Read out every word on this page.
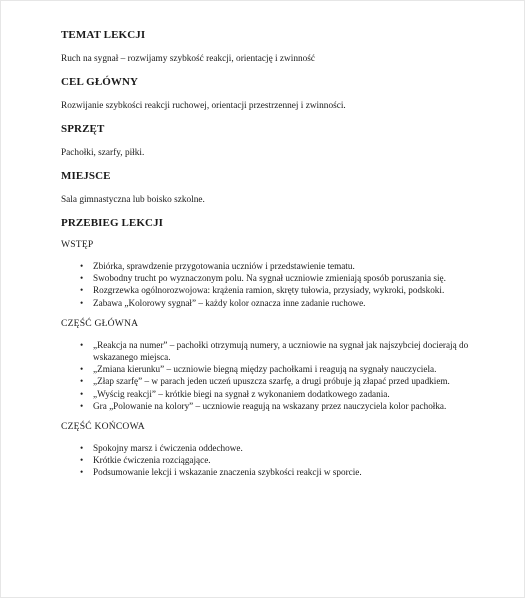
TEMAT LEKCJI

Ruch na sygnał – rozwijamy szybkość reakcji, orientację i zwinność

CEL GŁÓWNY

Rozwijanie szybkości reakcji ruchowej, orientacji przestrzennej i zwinności.

SPRZĘT

Pachołki, szarfy, piłki.

MIEJSCE

Sala gimnastyczna lub boisko szkolne.

PRZEBIEG LEKCJI

WSTĘP

• Zbiórka, sprawdzenie przygotowania uczniów i przedstawienie tematu.
• Swobodny trucht po wyznaczonym polu. Na sygnał uczniowie zmieniają sposób poruszania się.
• Rozgrzewka ogólnorozwojowa: krążenia ramion, skręty tułowia, przysiady, wykroki, podskoki.
• Zabawa „Kolorowy sygnał” – każdy kolor oznacza inne zadanie ruchowe.

CZĘŚĆ GŁÓWNA

• „Reakcja na numer” – pachołki otrzymują numery, a uczniowie na sygnał jak najszybciej docierają do wskazanego miejsca.
• „Zmiana kierunku” – uczniowie biegną między pachołkami i reagują na sygnały nauczyciela.
• „Złap szarfę” – w parach jeden uczeń upuszcza szarfę, a drugi próbuje ją złapać przed upadkiem.
• „Wyścig reakcji” – krótkie biegi na sygnał z wykonaniem dodatkowego zadania.
• Gra „Polowanie na kolory” – uczniowie reagują na wskazany przez nauczyciela kolor pachołka.

CZĘŚĆ KOŃCOWA

• Spokojny marsz i ćwiczenia oddechowe.
• Krótkie ćwiczenia rozciągające.
• Podsumowanie lekcji i wskazanie znaczenia szybkości reakcji w sporcie.
